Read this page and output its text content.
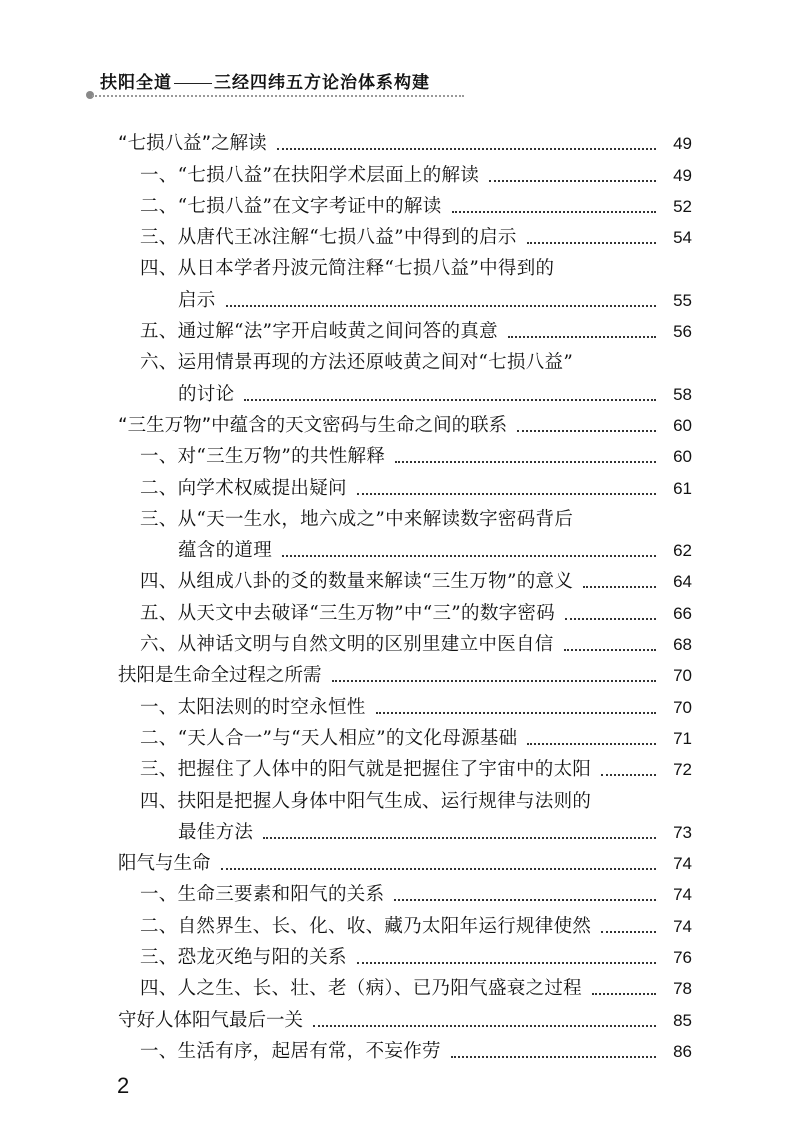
扶阳全道 三经四纬五方论治体系构建
“七损八益”之解读	49
一、“七损八益”在扶阳学术层面上的解读	49
二、“七损八益”在文字考证中的解读	52
三、从唐代王冰注解“七损八益”中得到的启示	54
四、从日本学者丹波元简注释“七损八益”中得到的
启示	55
五、通过解“法”字开启岐黄之间问答的真意	56
六、运用情景再现的方法还原岐黄之间对“七损八益”
的讨论	58
“三生万物”中蕴含的天文密码与生命之间的联系	60
一、对“三生万物”的共性解释	60
二、向学术权威提出疑问	61
三、从“天一生水，地六成之”中来解读数字密码背后
蕴含的道理	62
四、从组成八卦的爻的数量来解读“三生万物”的意义	64
五、从天文中去破译“三生万物”中“三”的数字密码	66
六、从神话文明与自然文明的区别里建立中医自信	68
扶阳是生命全过程之所需	70
一、太阳法则的时空永恒性	70
二、“天人合一”与“天人相应”的文化母源基础	71
三、把握住了人体中的阳气就是把握住了宇宙中的太阳	72
四、扶阳是把握人身体中阳气生成、运行规律与法则的
最佳方法	73
阳气与生命	74
一、生命三要素和阳气的关系	74
二、自然界生、长、化、收、藏乃太阳年运行规律使然	74
三、恐龙灭绝与阳的关系	76
四、人之生、长、壮、老（病）、已乃阳气盛衰之过程	78
守好人体阳气最后一关	85
一、生活有序，起居有常，不妄作劳	86
2
